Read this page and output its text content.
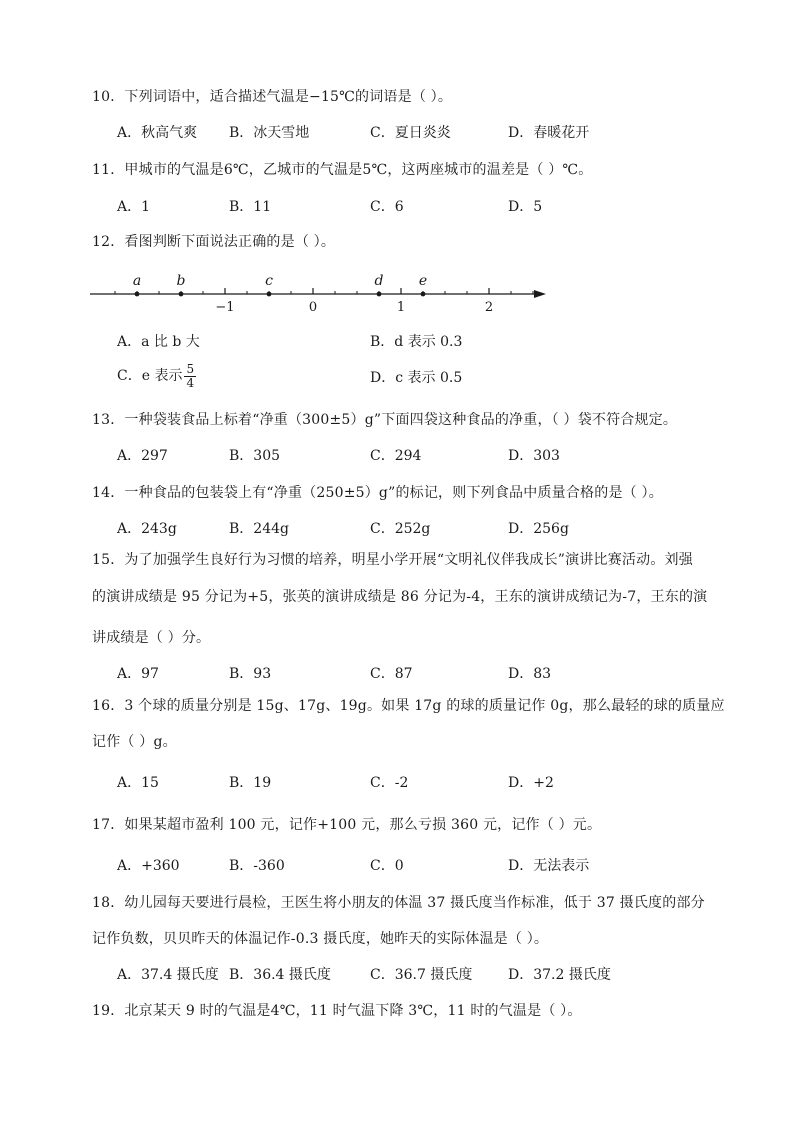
10．下列词语中，适合描述气温是−15℃的词语是（ ）。
A．秋高气爽 B．冰天雪地	C．夏日炎炎	D．春暖花开
11．甲城市的气温是6℃，乙城市的气温是5℃，这两座城市的温差是（ ）℃。
A．1	B．11	C．6	D．5
12．看图判断下面说法正确的是（ ）。
−1	0	1	2
a	b	c	d	e
A．a 比 b 大	B．d 表示 0.3
C．e 表示 $\frac{5}{4}$	D．c 表示 0.5
13．一种袋装食品上标着“净重（300±5）g”下面四袋这种食品的净重，（ ）袋不符合规定。
A．297	B．305	C．294	D．303
14．一种食品的包装袋上有“净重（250±5）g”的标记，则下列食品中质量合格的是（ ）。
A．243g	B．244g	C．252g	D．256g
15．为了加强学生良好行为习惯的培养，明星小学开展“文明礼仪伴我成长”演讲比赛活动。刘强
的演讲成绩是 95 分记为+5，张英的演讲成绩是 86 分记为-4，王东的演讲成绩记为-7，王东的演
讲成绩是（ ）分。
A．97	B．93	C．87	D．83
16．3 个球的质量分别是 15g、17g、19g。如果 17g 的球的质量记作 0g，那么最轻的球的质量应
记作（ ）g。
A．15	B．19	C．-2	D．+2
17．如果某超市盈利 100 元，记作+100 元，那么亏损 360 元，记作（ ）元。
A．+360	B．-360	C．0	D．无法表示
18．幼儿园每天要进行晨检，王医生将小朋友的体温 37 摄氏度当作标准，低于 37 摄氏度的部分
记作负数，贝贝昨天的体温记作-0.3 摄氏度，她昨天的实际体温是（ ）。
A．37.4 摄氏度 B．36.4 摄氏度	C．36.7 摄氏度	D．37.2 摄氏度
19．北京某天 9 时的气温是4℃，11 时气温下降 3℃，11 时的气温是（ ）。
